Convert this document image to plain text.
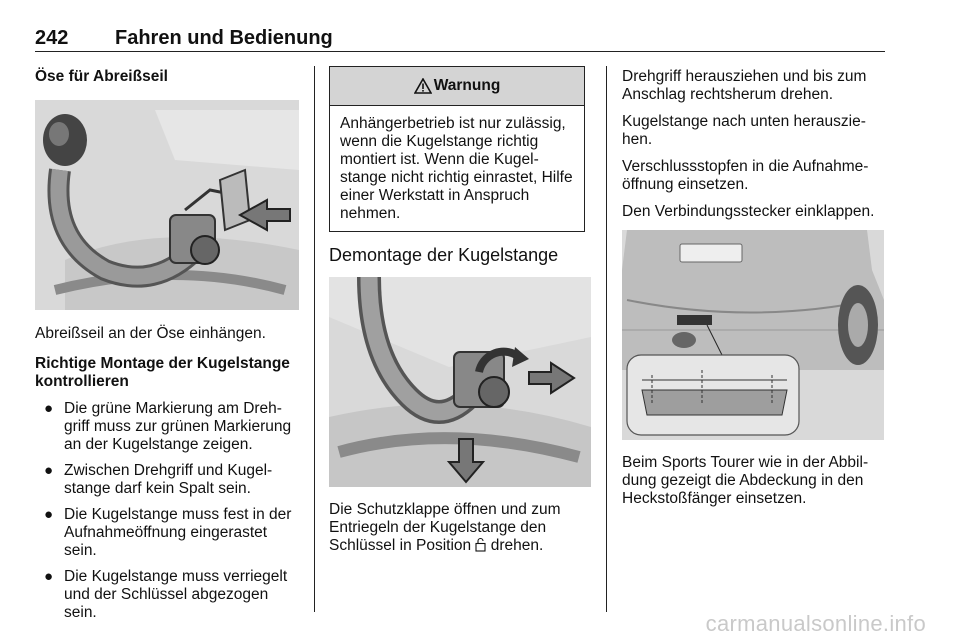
242 Fahren und Bedienung

Öse für Abreißseil

Abreißseil an der Öse einhängen.

Richtige Montage der Kugelstange kontrollieren

● Die grüne Markierung am Drehgriff muss zur grünen Markierung an der Kugelstange zeigen.
● Zwischen Drehgriff und Kugelstange darf kein Spalt sein.
● Die Kugelstange muss fest in der Aufnahmeöffnung eingerastet sein.
● Die Kugelstange muss verriegelt und der Schlüssel abgezogen sein.
Warnung
Anhängerbetrieb ist nur zulässig, wenn die Kugelstange richtig montiert ist. Wenn die Kugelstange nicht richtig einrastet, Hilfe einer Werkstatt in Anspruch nehmen.

Demontage der Kugelstange

Die Schutzklappe öffnen und zum Entriegeln der Kugelstange den Schlüssel in Position  drehen.

Drehgriff herausziehen und bis zum Anschlag rechtsherum drehen.

Kugelstange nach unten herausziehen.

Verschlussstopfen in die Aufnahmeöffnung einsetzen.

Den Verbindungsstecker einklappen.

Beim Sports Tourer wie in der Abbildung gezeigt die Abdeckung in den Heckstoßfänger einsetzen.

carmanualsonline.info
